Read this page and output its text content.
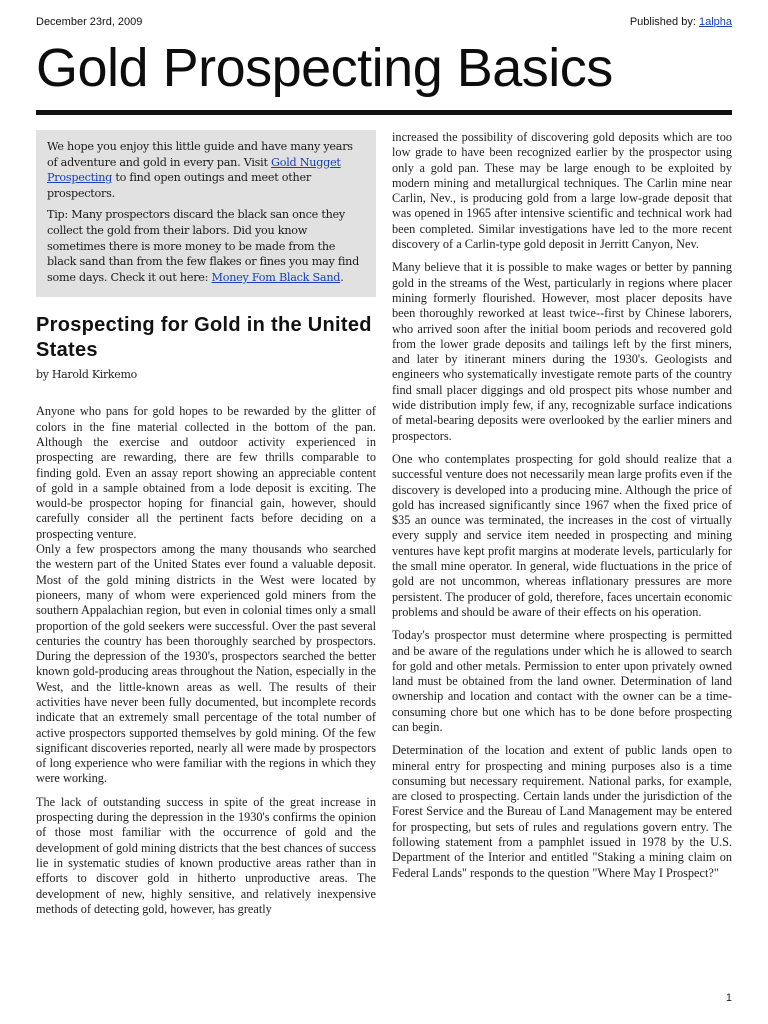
December 23rd, 2009	Published by: 1alpha
Gold Prospecting Basics

We hope you enjoy this little guide and have many years of adventure and gold in every pan. Visit Gold Nugget Prospecting to find open outings and meet other prospectors.

Tip: Many prospectors discard the black san once they collect the gold from their labors. Did you know sometimes there is more money to be made from the black sand than from the few flakes or fines you may find some days. Check it out here: Money Fom Black Sand.

Prospecting for Gold in the United States
by Harold Kirkemo

Anyone who pans for gold hopes to be rewarded by the glitter of colors in the fine material collected in the bottom of the pan. Although the exercise and outdoor activity experienced in prospecting are rewarding, there are few thrills comparable to finding gold. Even an assay report showing an appreciable content of gold in a sample obtained from a lode deposit is exciting. The would-be prospector hoping for financial gain, however, should carefully consider all the pertinent facts before deciding on a prospecting venture.

Only a few prospectors among the many thousands who searched the western part of the United States ever found a valuable deposit. Most of the gold mining districts in the West were located by pioneers, many of whom were experienced gold miners from the southern Appalachian region, but even in colonial times only a small proportion of the gold seekers were successful. Over the past several centuries the country has been thoroughly searched by prospectors. During the depression of the 1930's, prospectors searched the better known gold-producing areas throughout the Nation, especially in the West, and the little-known areas as well. The results of their activities have never been fully documented, but incomplete records indicate that an extremely small percentage of the total number of active prospectors supported themselves by gold mining. Of the few significant discoveries reported, nearly all were made by prospectors of long experience who were familiar with the regions in which they were working.

The lack of outstanding success in spite of the great increase in prospecting during the depression in the 1930's confirms the opinion of those most familiar with the occurrence of gold and the development of gold mining districts that the best chances of success lie in systematic studies of known productive areas rather than in efforts to discover gold in hitherto unproductive areas. The development of new, highly sensitive, and relatively inexpensive methods of detecting gold, however, has greatly

increased the possibility of discovering gold deposits which are too low grade to have been recognized earlier by the prospector using only a gold pan. These may be large enough to be exploited by modern mining and metallurgical techniques. The Carlin mine near Carlin, Nev., is producing gold from a large low-grade deposit that was opened in 1965 after intensive scientific and technical work had been completed. Similar investigations have led to the more recent discovery of a Carlin-type gold deposit in Jerritt Canyon, Nev.

Many believe that it is possible to make wages or better by panning gold in the streams of the West, particularly in regions where placer mining formerly flourished. However, most placer deposits have been thoroughly reworked at least twice--first by Chinese laborers, who arrived soon after the initial boom periods and recovered gold from the lower grade deposits and tailings left by the first miners, and later by itinerant miners during the 1930's. Geologists and engineers who systematically investigate remote parts of the country find small placer diggings and old prospect pits whose number and wide distribution imply few, if any, recognizable surface indications of metal-bearing deposits were overlooked by the earlier miners and prospectors.

One who contemplates prospecting for gold should realize that a successful venture does not necessarily mean large profits even if the discovery is developed into a producing mine. Although the price of gold has increased significantly since 1967 when the fixed price of $35 an ounce was terminated, the increases in the cost of virtually every supply and service item needed in prospecting and mining ventures have kept profit margins at moderate levels, particularly for the small mine operator. In general, wide fluctuations in the price of gold are not uncommon, whereas inflationary pressures are more persistent. The producer of gold, therefore, faces uncertain economic problems and should be aware of their effects on his operation.

Today's prospector must determine where prospecting is permitted and be aware of the regulations under which he is allowed to search for gold and other metals. Permission to enter upon privately owned land must be obtained from the land owner. Determination of land ownership and location and contact with the owner can be a time-consuming chore but one which has to be done before prospecting can begin.

Determination of the location and extent of public lands open to mineral entry for prospecting and mining purposes also is a time consuming but necessary requirement. National parks, for example, are closed to prospecting. Certain lands under the jurisdiction of the Forest Service and the Bureau of Land Management may be entered for prospecting, but sets of rules and regulations govern entry. The following statement from a pamphlet issued in 1978 by the U.S. Department of the Interior and entitled "Staking a mining claim on Federal Lands" responds to the question "Where May I Prospect?"

1
